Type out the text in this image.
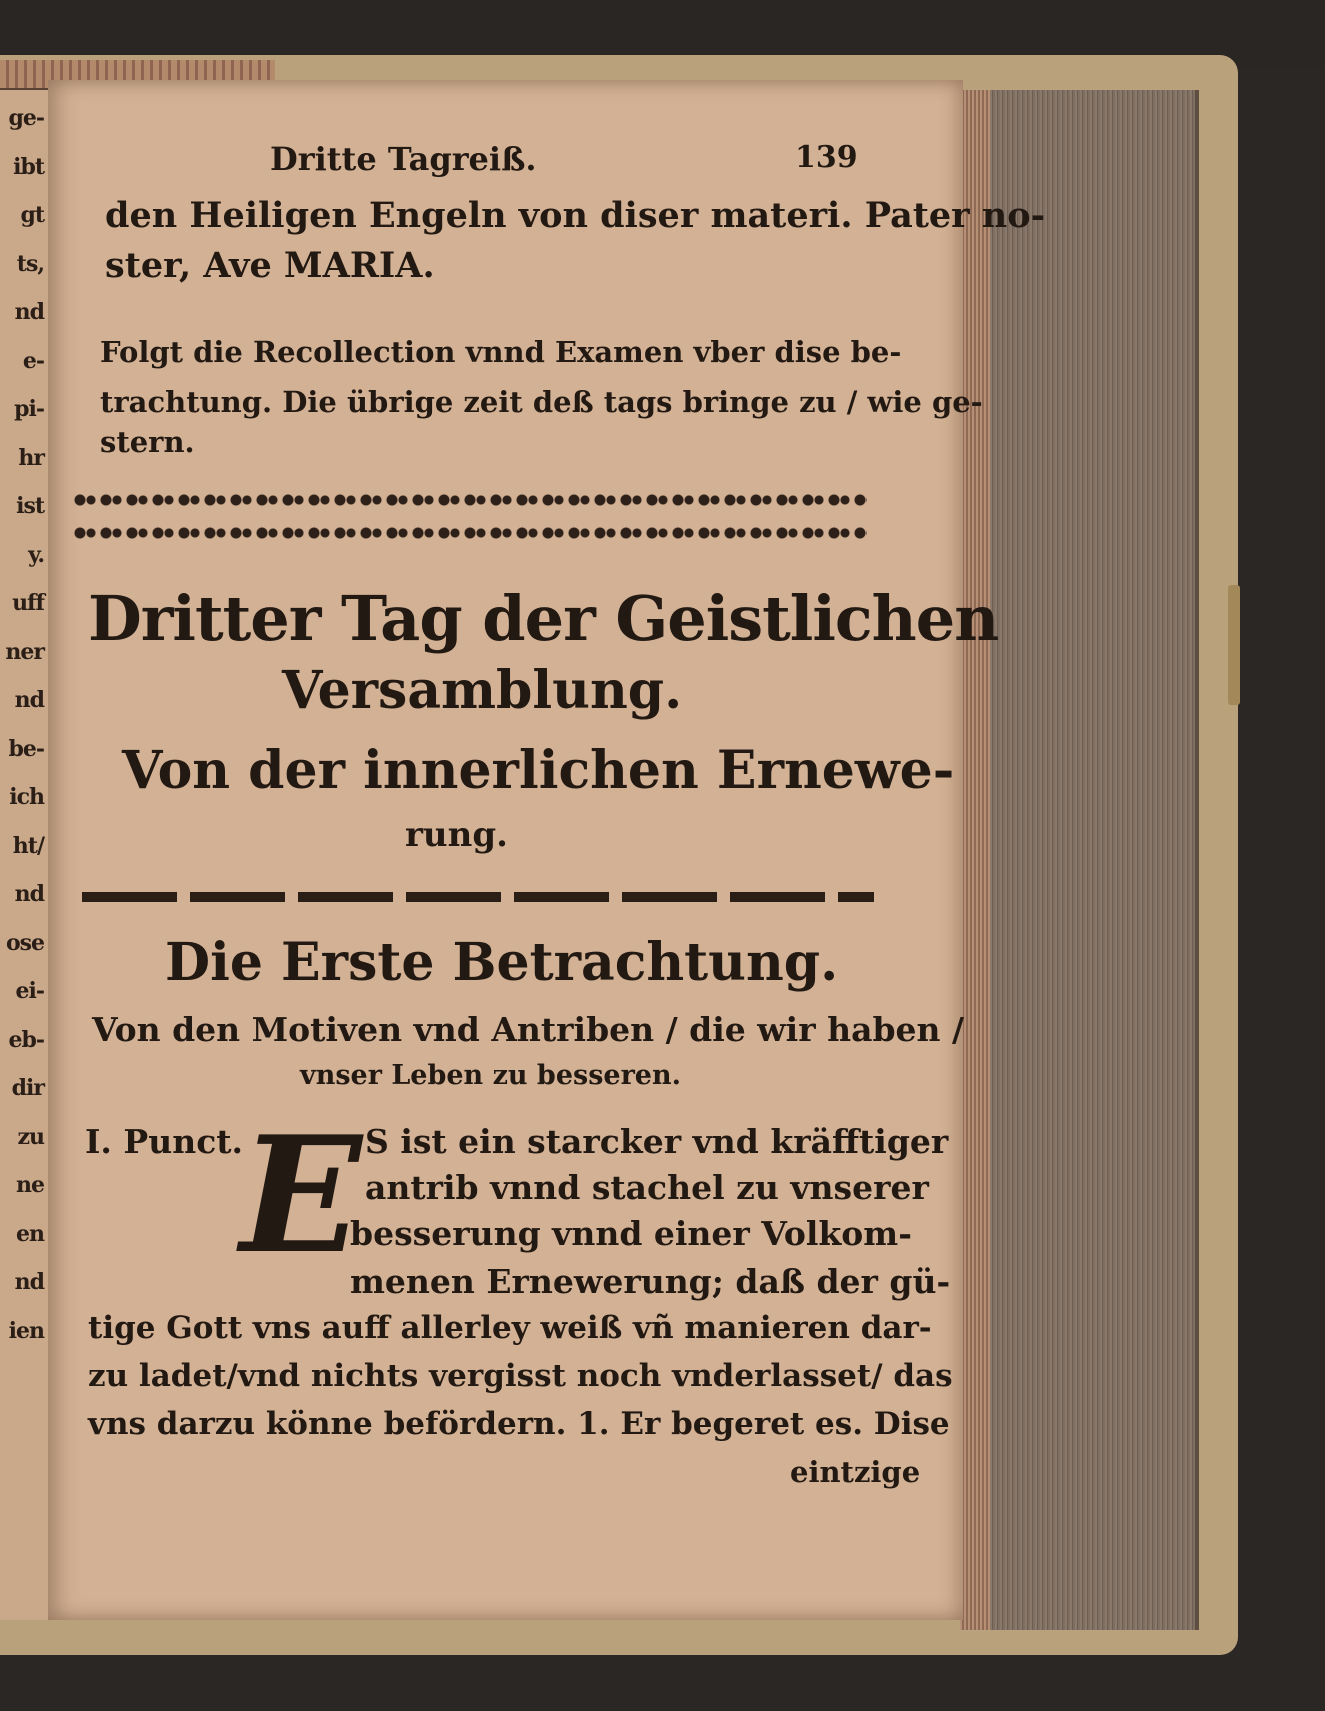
ge-
ibt
gt
ts,
nd
e-
pi-
hr
ist
y.
uff
ner
nd
be-
ich
ht/
nd
ose
ei-
eb-
dir
zu
ne
en
nd
ien
Dritte Tagreiß.	139
den Heiligen Engeln von diser materi. Pater no-
ster, Ave MARIA.
Folgt die Recollection vnnd Examen vber dise be-
trachtung. Die übrige zeit deß tags bringe zu / wie ge-
stern.
Dritter Tag der Geistlichen
Versamblung.
Von der innerlichen Ernewe-
rung.
Die Erste Betrachtung.
Von den Motiven vnd Antriben / die wir haben /
vnser Leben zu besseren.
I. Punct.
E S ist ein starcker vnd kräfftiger
antrib vnnd stachel zu vnserer
besserung vnnd einer Volkom-
menen Ernewerung; daß der gü-
tige Gott vns auff allerley weiß vñ manieren dar-
zu ladet/vnd nichts vergisst noch vnderlasset/ das
vns darzu könne befördern. 1. Er begeret es. Dise
eintzige
